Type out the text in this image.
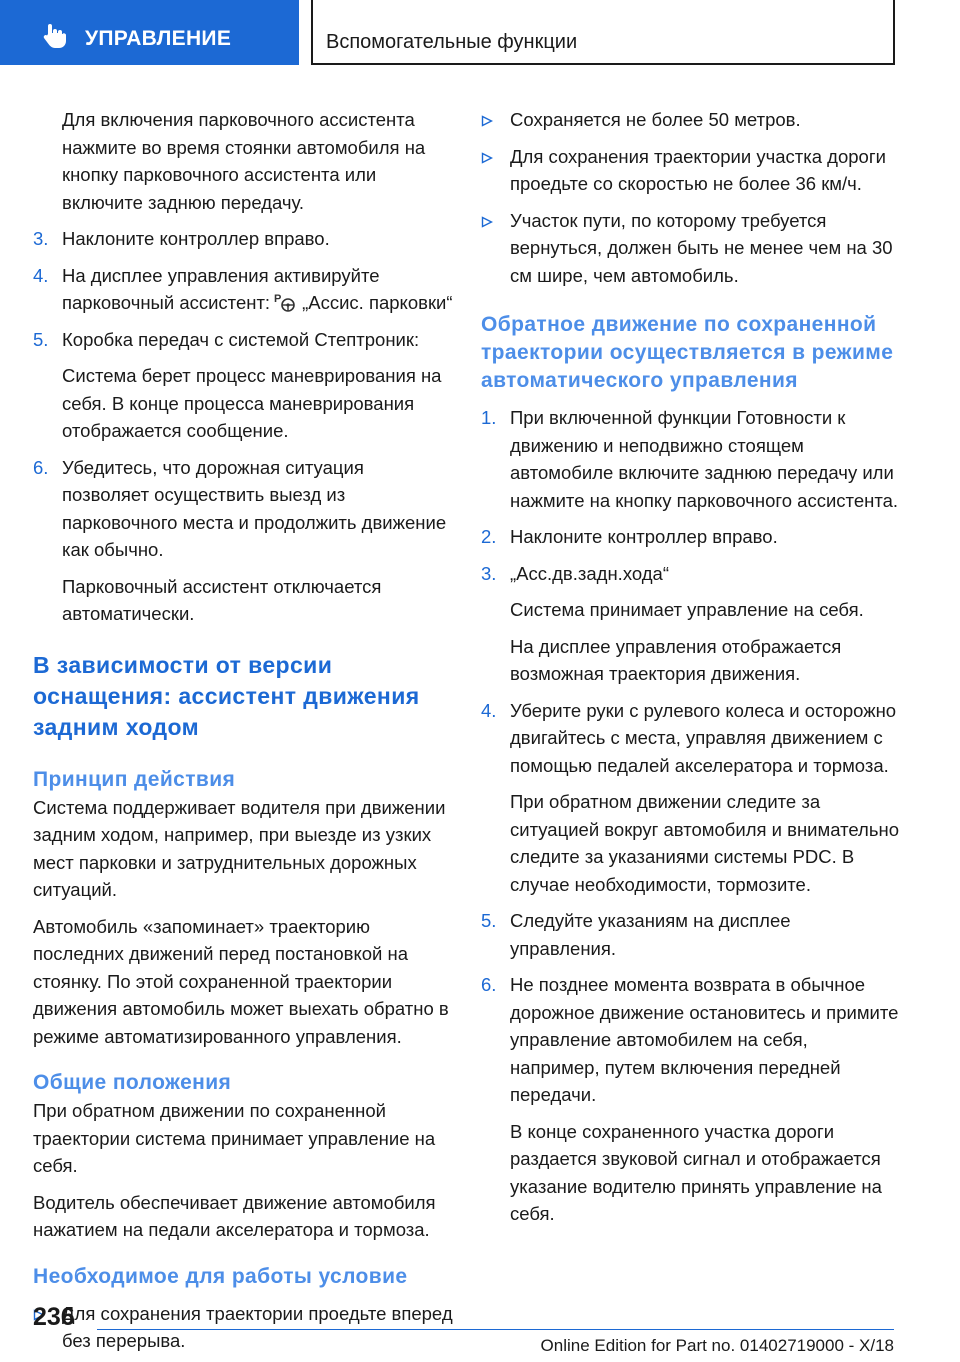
УПРАВЛЕНИЕ	Вспомогательные функции

Для включения парковочного ассистента нажмите во время стоянки автомобиля на кнопку парковочного ассистента или включите заднюю передачу.

3. Наклоните контроллер вправо.
4. На дисплее управления активируйте парковочный ассистент: P „Ассис. парковки“
5. Коробка передач с системой Стептроник:

Система берет процесс маневрирования на себя. В конце процесса маневрирования отображается сообщение.

6. Убедитесь, что дорожная ситуация позволяет осуществить выезд из парковочного места и продолжить движение как обычно.

Парковочный ассистент отключается автоматически.

В зависимости от версии оснащения: ассистент движения задним ходом
Принцип действия

Система поддерживает водителя при движении задним ходом, например, при выезде из узких мест парковки и затруднительных дорожных ситуаций.

Автомобиль «запоминает» траекторию последних движений перед постановкой на стоянку. По этой сохраненной траектории движения автомобиль может выехать обратно в режиме автоматизированного управления.

Общие положения

При обратном движении по сохраненной траектории система принимает управление на себя.

Водитель обеспечивает движение автомобиля нажатием на педали акселератора и тормоза.

Необходимое для работы условие
Для сохранения траектории проедьте вперед без перерыва.
Сохраняется не более 50 метров.
Для сохранения траектории участка дороги проедьте со скоростью не более 36 км/ч.
Участок пути, по которому требуется вернуться, должен быть не менее чем на 30 см шире, чем автомобиль.
Обратное движение по сохраненной траектории осуществляется в режиме автоматического управления
1. При включенной функции Готовности к движению и неподвижно стоящем автомобиле включите заднюю передачу или нажмите на кнопку парковочного ассистента.
2. Наклоните контроллер вправо.
3. „Асс.дв.задн.хода“

Система принимает управление на себя.

На дисплее управления отображается возможная траектория движения.

4. Уберите руки с рулевого колеса и осторожно двигайтесь с места, управляя движением с помощью педалей акселератора и тормоза.

При обратном движении следите за ситуацией вокруг автомобиля и внимательно следите за указаниями системы PDC. В случае необходимости, тормозите.

5. Следуйте указаниям на дисплее управления.
6. Не позднее момента возврата в обычное дорожное движение остановитесь и примите управление автомобилем на себя, например, путем включения передней передачи.

В конце сохраненного участка дороги раздается звуковой сигнал и отображается указание водителю принять управление на себя.

236
Online Edition for Part no. 01402719000 - X/18
